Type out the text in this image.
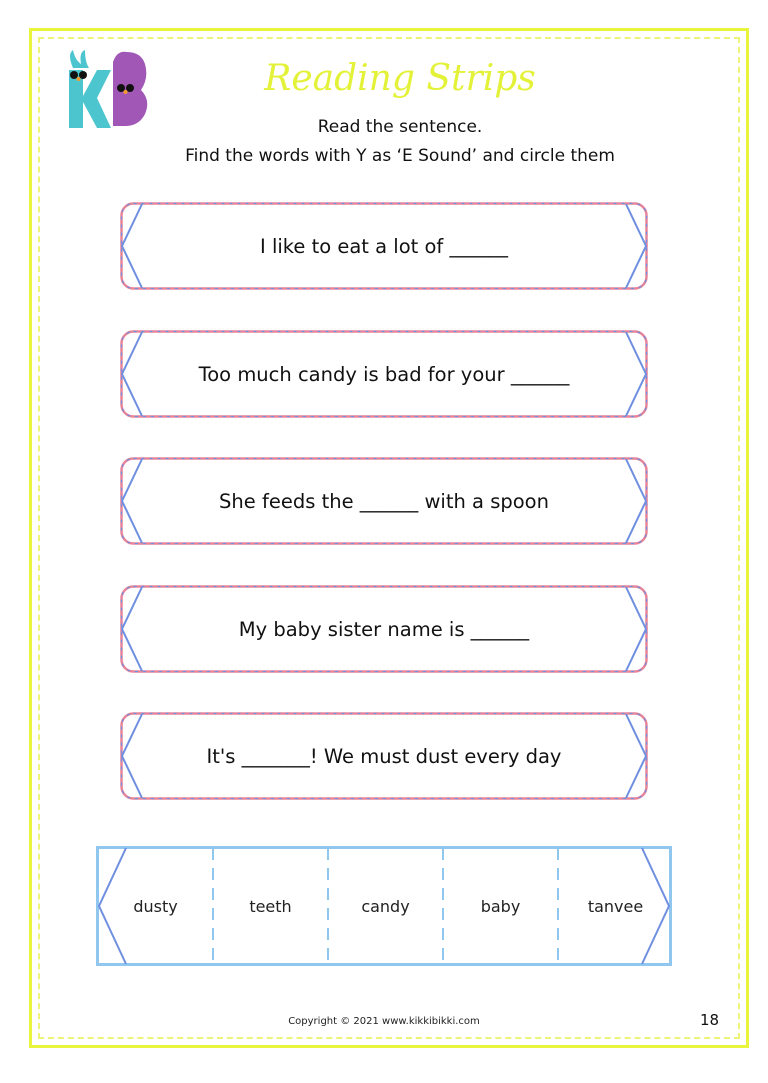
Reading Strips
Read the sentence.
Find the words with Y as ‘E Sound’ and circle them
I like to eat a lot of ______
Too much candy is bad for your ______
She feeds the ______ with a spoon
My baby sister name is ______
It's _______! We must dust every day
dusty	teeth	candy	baby	tanvee
Copyright © 2021 www.kikkibikki.com	18
